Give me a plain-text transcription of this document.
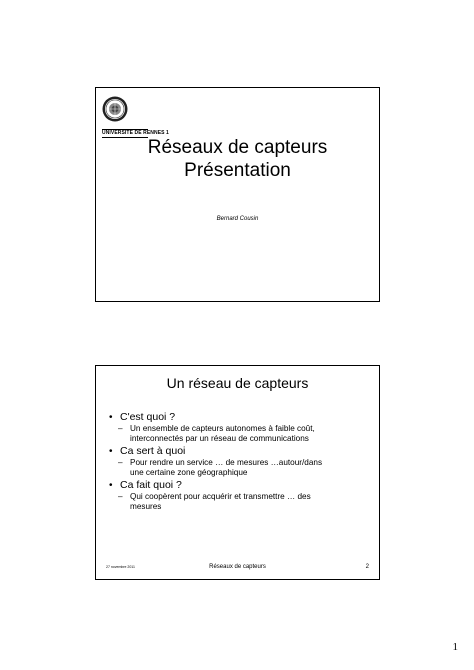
UNIVERSITÉ DE RENNES 1
Réseaux de capteurs
Présentation
Bernard Cousin
Un réseau de capteurs
• C'est quoi ?
– Un ensemble de capteurs autonomes à faible coût,
interconnectés par un réseau de communications
• Ca sert à quoi
– Pour rendre un service … de mesures …autour/dans
une certaine zone géographique
• Ca fait quoi ?
– Qui coopèrent pour acquérir et transmettre … des
mesures
27 novembre 2011	Réseaux de capteurs	2
1
